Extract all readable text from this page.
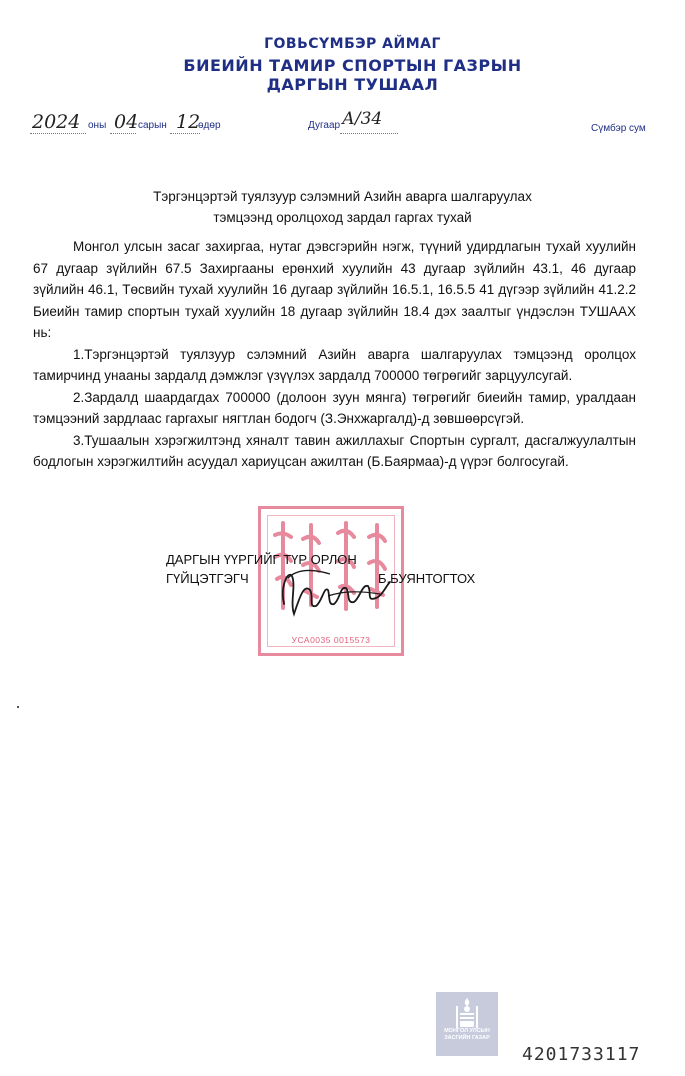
ГОВЬСҮМБЭР АЙМАГ
БИЕИЙН ТАМИР СПОРТЫН ГАЗРЫН
ДАРГЫН ТУШААЛ
2024 оны 04 сарын 12
өдөр	Дугаар А/34	Сүмбэр сум
Тэргэнцэртэй туялзуур сэлэмний Азийн аварга шалгаруулах
тэмцээнд оролцоход зардал гаргах тухай

Монгол улсын засаг захиргаа, нутаг дэвсгэрийн нэгж, түүний удирдлагын тухай хуулийн 67 дугаар зүйлийн 67.5 Захиргааны ерөнхий хуулийн 43 дугаар зүйлийн 43.1, 46 дугаар зүйлийн 46.1, Төсвийн тухай хуулийн 16 дугаар зүйлийн 16.5.1, 16.5.5 41 дүгээр зүйлийн 41.2.2 Биеийн тамир спортын тухай хуулийн 18 дугаар зүйлийн 18.4 дэх заалтыг үндэслэн ТУШААХ нь:

1.Тэргэнцэртэй туялзуур сэлэмний Азийн аварга шалгаруулах тэмцээнд оролцох тамирчинд унааны зардалд дэмжлэг үзүүлэх зардалд 700000 төгрөгийг зарцуулсугай.

2.Зардалд шаардагдах 700000 (долоон зуун мянга) төгрөгийг биеийн тамир, уралдаан тэмцээний зардлаас гаргахыг нягтлан бодогч (З.Энхжаргалд)-д зөвшөөрсүгэй.

3.Тушаалын хэрэгжилтэнд хяналт тавин ажиллахыг Спортын сургалт, дасгалжуулалтын бодлогын хэрэгжилтийн асуудал хариуцсан ажилтан (Б.Баярмаа)-д үүрэг болгосугай.

УСА0035 0015573
ДАРГЫН ҮҮРГИЙГ ТҮР ОРЛОН
ГҮЙЦЭТГЭГЧ	Б.БУЯНТОГТОХ
МОНГОЛ УЛСЫН ЗАСГИЙН ГАЗАР
4201733117
